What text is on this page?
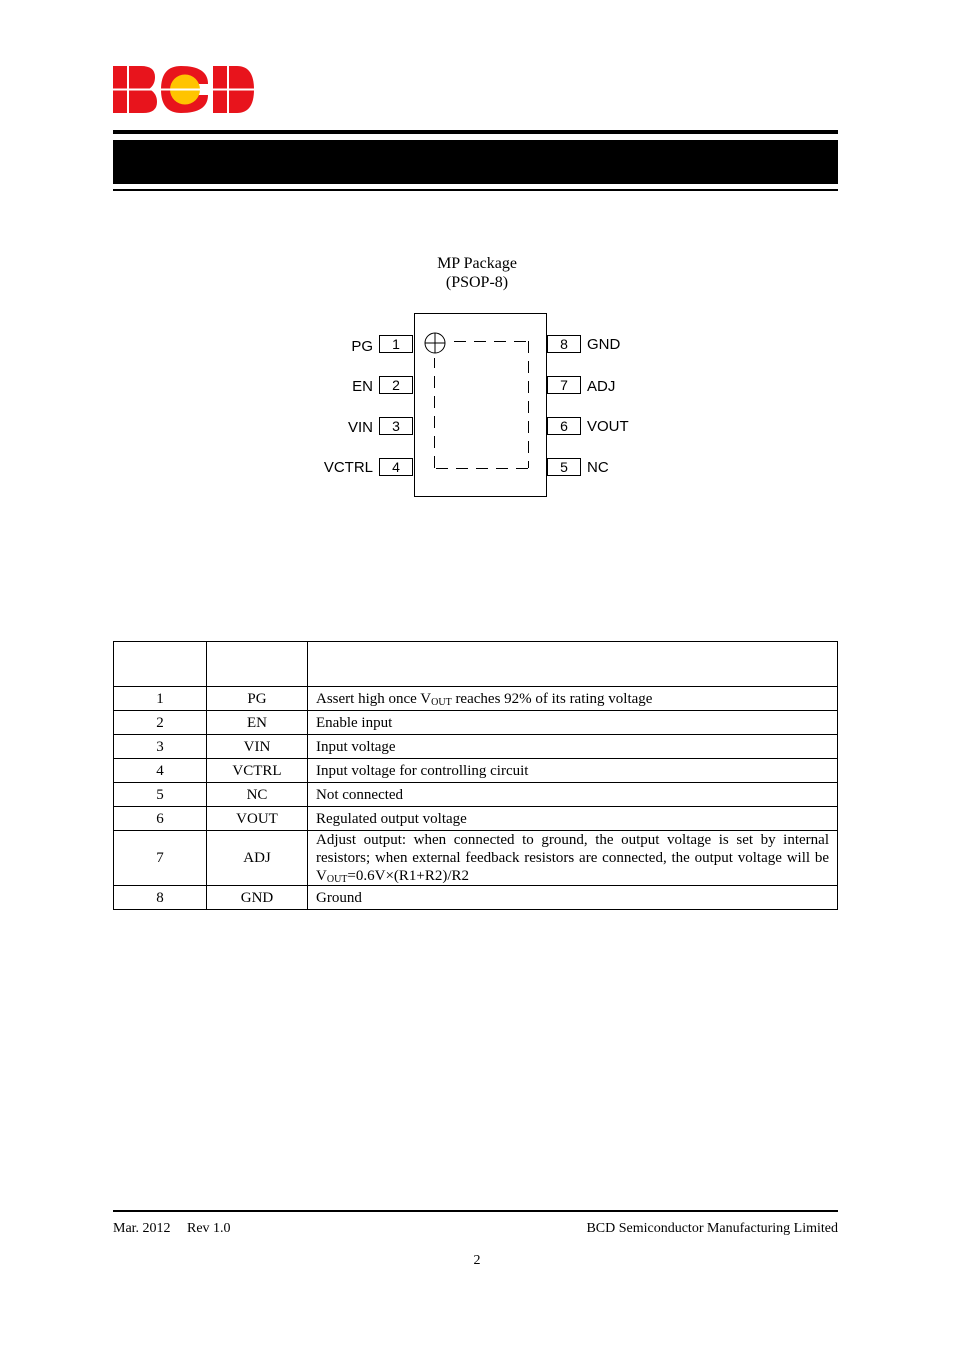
MP Package
(PSOP-8)
PG	1
EN	2
VIN	3
VCTRL	4
8	GND
7	ADJ
6	VOUT
5	NC

1	PG	Assert high once $V_{OUT}$ reaches 92% of its rating voltage
2	EN	Enable input
3	VIN	Input voltage
4	VCTRL	Input voltage for controlling circuit
5	NC	Not connected
6	VOUT	Regulated output voltage
7	ADJ	Adjust output: when connected to ground, the output voltage is set by internal resistors; when external feedback resistors are connected, the output voltage will be $V_{OUT}=0.6V\times(R1+R2)/R2$
8	GND	Ground
Mar. 2012 Rev 1.0	BCD Semiconductor Manufacturing Limited
2
